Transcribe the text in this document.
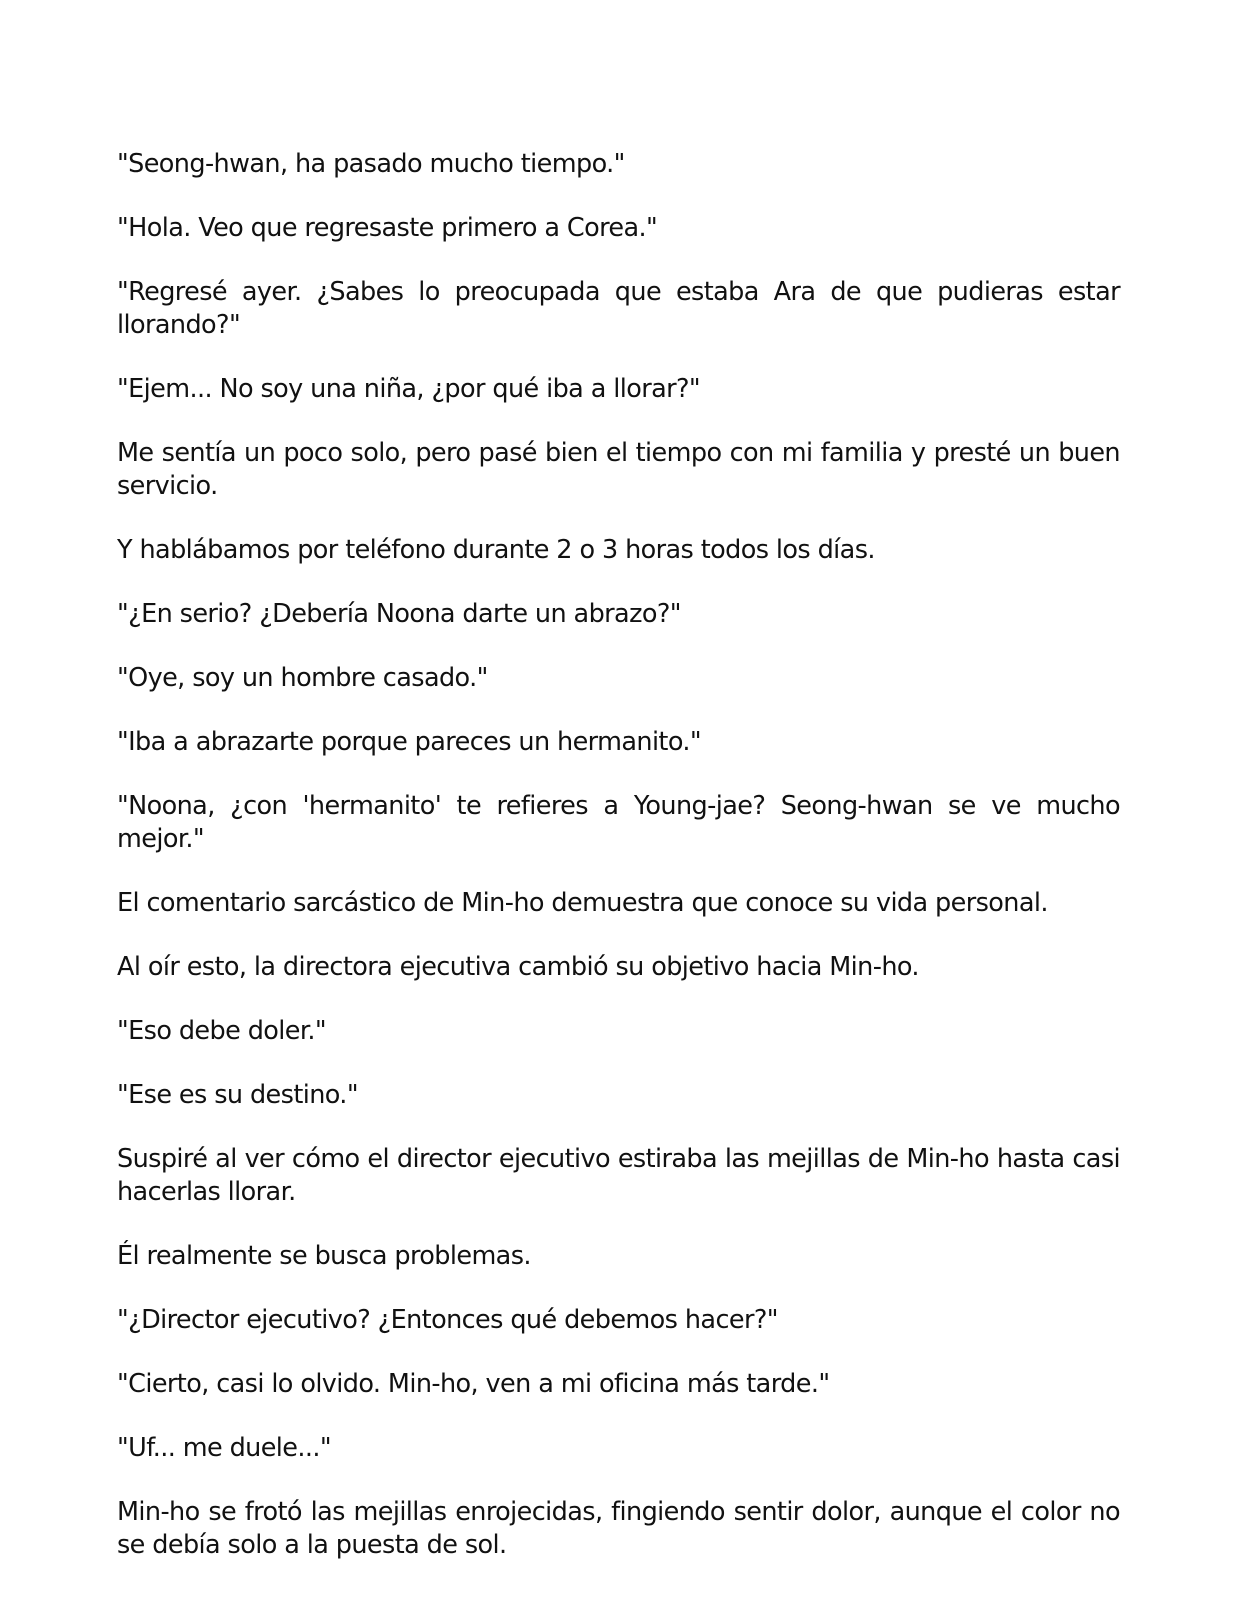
"Seong-hwan, ha pasado mucho tiempo."

"Hola. Veo que regresaste primero a Corea."

"Regresé ayer. ¿Sabes lo preocupada que estaba Ara de que pudieras estar llorando?"

"Ejem... No soy una niña, ¿por qué iba a llorar?"

Me sentía un poco solo, pero pasé bien el tiempo con mi familia y presté un buen servicio.

Y hablábamos por teléfono durante 2 o 3 horas todos los días.

"¿En serio? ¿Debería Noona darte un abrazo?"

"Oye, soy un hombre casado."

"Iba a abrazarte porque pareces un hermanito."

"Noona, ¿con 'hermanito' te refieres a Young-jae? Seong-hwan se ve mucho mejor."

El comentario sarcástico de Min-ho demuestra que conoce su vida personal.

Al oír esto, la directora ejecutiva cambió su objetivo hacia Min-ho.

"Eso debe doler."

"Ese es su destino."

Suspiré al ver cómo el director ejecutivo estiraba las mejillas de Min-ho hasta casi hacerlas llorar.

Él realmente se busca problemas.

"¿Director ejecutivo? ¿Entonces qué debemos hacer?"

"Cierto, casi lo olvido. Min-ho, ven a mi oficina más tarde."

"Uf... me duele..."

Min-ho se frotó las mejillas enrojecidas, fingiendo sentir dolor, aunque el color no se debía solo a la puesta de sol.
